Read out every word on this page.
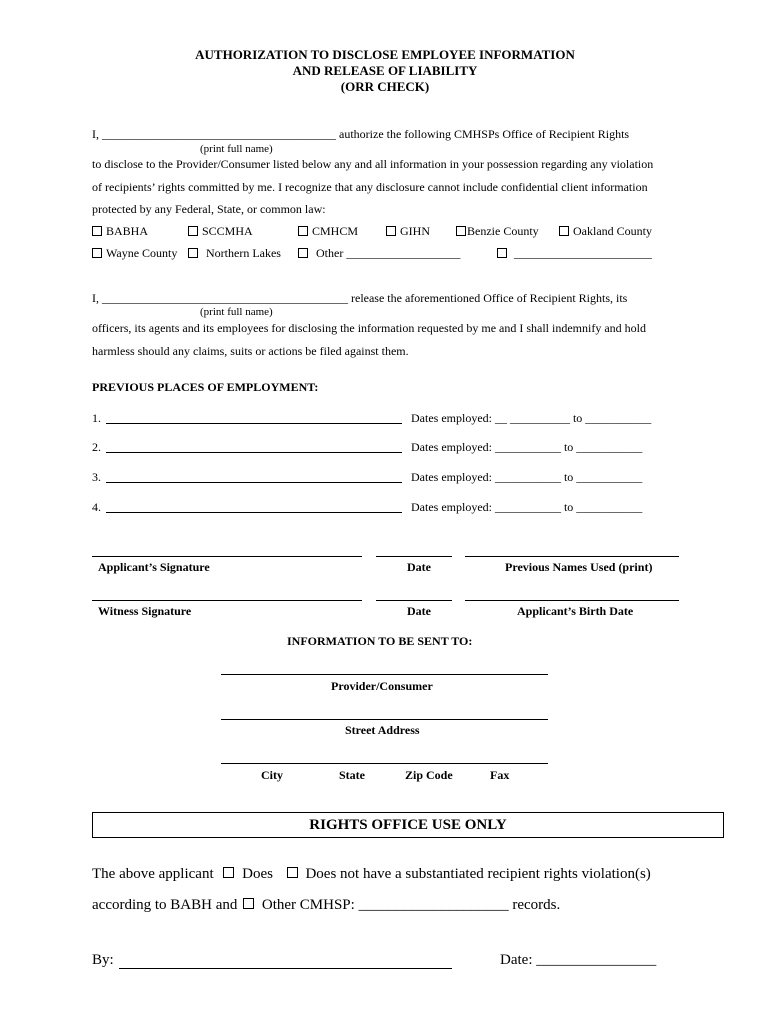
AUTHORIZATION TO DISCLOSE EMPLOYEE INFORMATION
AND RELEASE OF LIABILITY
(ORR CHECK)
I, _______________________________________ authorize the following CMHSPs Office of Recipient Rights
(print full name)
to disclose to the Provider/Consumer listed below any and all information in your possession regarding any violation
of recipients’ rights committed by me. I recognize that any disclosure cannot include confidential client information
protected by any Federal, State, or common law:
BABHA	SCCMHA	CMHCM	GIHN	Benzie County	Oakland County
Wayne County	Northern Lakes	Other ___________________	_______________________
I, _________________________________________ release the aforementioned Office of Recipient Rights, its
(print full name)
officers, its agents and its employees for disclosing the information requested by me and I shall indemnify and hold
harmless should any claims, suits or actions be filed against them.
PREVIOUS PLACES OF EMPLOYMENT:
1.	Dates employed: __ __________ to ___________
2.	Dates employed: ___________ to ___________
3.	Dates employed: ___________ to ___________
4.	Dates employed: ___________ to ___________
Applicant’s Signature	Date	Previous Names Used (print)
Witness Signature	Date	Applicant’s Birth Date
INFORMATION TO BE SENT TO:
Provider/Consumer
Street Address
City	State	Zip Code	Fax
RIGHTS OFFICE USE ONLY
The above applicant Does Does not have a substantiated recipient rights violation(s)
according to BABH and Other CMHSP: ____________________ records.
By:	Date: ________________
